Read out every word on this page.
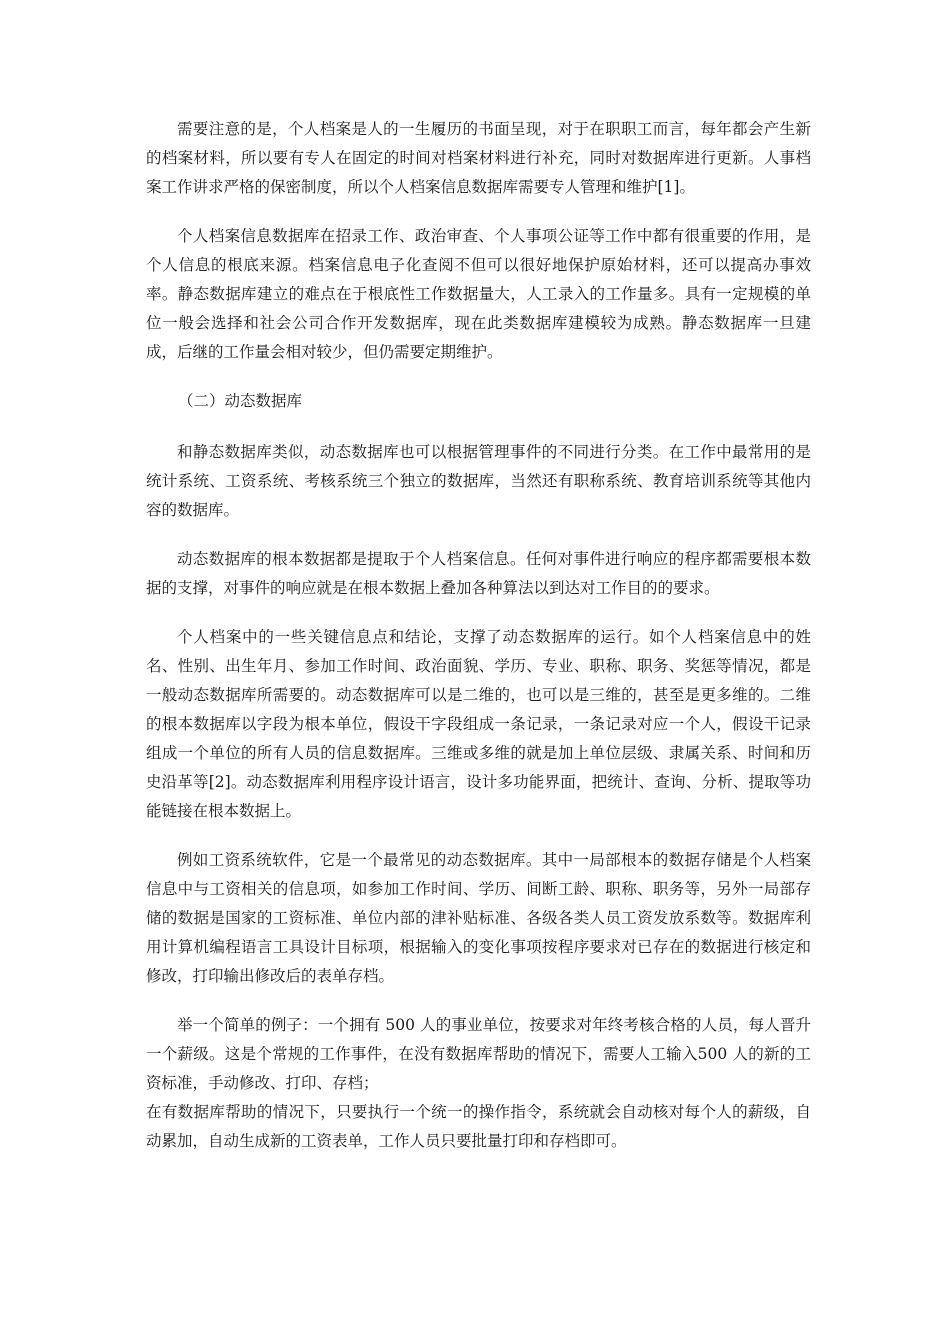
需要注意的是，个人档案是人的一生履历的书面呈现，对于在职职工而言，每年都会产生新的档案材料，所以要有专人在固定的时间对档案材料进行补充，同时对数据库进行更新。人事档案工作讲求严格的保密制度，所以个人档案信息数据库需要专人管理和维护[1]。

个人档案信息数据库在招录工作、政治审查、个人事项公证等工作中都有很重要的作用，是个人信息的根底来源。档案信息电子化查阅不但可以很好地保护原始材料，还可以提高办事效率。静态数据库建立的难点在于根底性工作数据量大，人工录入的工作量多。具有一定规模的单位一般会选择和社会公司合作开发数据库，现在此类数据库建模较为成熟。静态数据库一旦建成，后继的工作量会相对较少，但仍需要定期维护。

（二）动态数据库

和静态数据库类似，动态数据库也可以根据管理事件的不同进行分类。在工作中最常用的是统计系统、工资系统、考核系统三个独立的数据库，当然还有职称系统、教育培训系统等其他内容的数据库。

动态数据库的根本数据都是提取于个人档案信息。任何对事件进行响应的程序都需要根本数据的支撑，对事件的响应就是在根本数据上叠加各种算法以到达对工作目的的要求。

个人档案中的一些关键信息点和结论，支撑了动态数据库的运行。如个人档案信息中的姓名、性别、出生年月、参加工作时间、政治面貌、学历、专业、职称、职务、奖惩等情况，都是一般动态数据库所需要的。动态数据库可以是二维的，也可以是三维的，甚至是更多维的。二维的根本数据库以字段为根本单位，假设干字段组成一条记录，一条记录对应一个人，假设干记录组成一个单位的所有人员的信息数据库。三维或多维的就是加上单位层级、隶属关系、时间和历史沿革等[2]。动态数据库利用程序设计语言，设计多功能界面，把统计、查询、分析、提取等功能链接在根本数据上。

例如工资系统软件，它是一个最常见的动态数据库。其中一局部根本的数据存储是个人档案信息中与工资相关的信息项，如参加工作时间、学历、间断工龄、职称、职务等，另外一局部存储的数据是国家的工资标准、单位内部的津补贴标准、各级各类人员工资发放系数等。数据库利用计算机编程语言工具设计目标项，根据输入的变化事项按程序要求对已存在的数据进行核定和修改，打印输出修改后的表单存档。

举一个简单的例子：一个拥有 500 人的事业单位，按要求对年终考核合格的人员，每人晋升一个薪级。这是个常规的工作事件，在没有数据库帮助的情况下，需要人工输入500 人的新的工资标准，手动修改、打印、存档；

在有数据库帮助的情况下，只要执行一个统一的操作指令，系统就会自动核对每个人的薪级，自动累加，自动生成新的工资表单，工作人员只要批量打印和存档即可。
